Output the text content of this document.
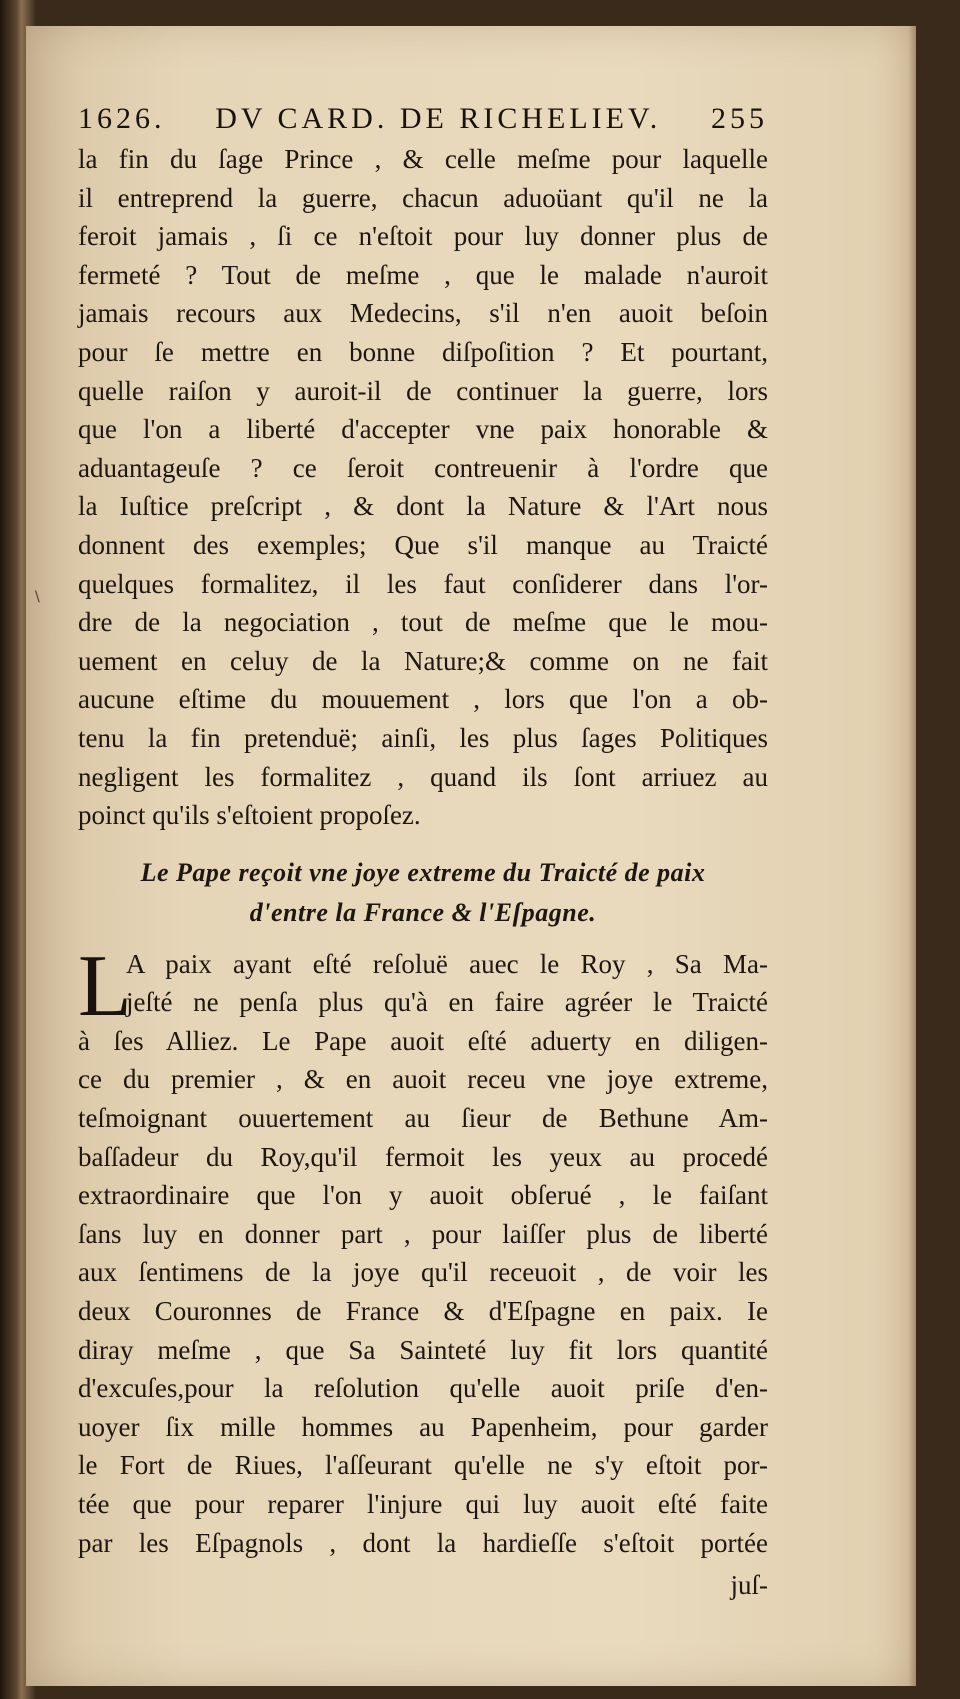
1626. DV CARD. DE RICHELIEV. 255
la fin du ſage Prince , & celle meſme pour laquelle
il entreprend la guerre, chacun aduoüant qu'il ne la
feroit jamais , ſi ce n'eſtoit pour luy donner plus de
fermeté ? Tout de meſme , que le malade n'auroit
jamais recours aux Medecins, s'il n'en auoit beſoin
pour ſe mettre en bonne diſpoſition ? Et pourtant,
quelle raiſon y auroit-il de continuer la guerre, lors
que l'on a liberté d'accepter vne paix honorable &
aduantageuſe ? ce ſeroit contreuenir à l'ordre que
la Iuſtice preſcript , & dont la Nature & l'Art nous
donnent des exemples; Que s'il manque au Traicté
quelques formalitez, il les faut conſiderer dans l'or-
dre de la negociation , tout de meſme que le mou-
uement en celuy de la Nature;& comme on ne fait
aucune eſtime du mouuement , lors que l'on a ob-
tenu la fin pretenduë; ainſi, les plus ſages Politiques
negligent les formalitez , quand ils ſont arriuez au
poinct qu'ils s'eſtoient propoſez.
Le Pape reçoit vne joye extreme du Traicté de paix
d'entre la France & l'Eſpagne.
L
A paix ayant eſté reſoluë auec le Roy , Sa Ma-
jeſté ne penſa plus qu'à en faire agréer le Traicté
à ſes Alliez. Le Pape auoit eſté aduerty en diligen-
ce du premier , & en auoit receu vne joye extreme,
teſmoignant ouuertement au ſieur de Bethune Am-
baſſadeur du Roy,qu'il fermoit les yeux au procedé
extraordinaire que l'on y auoit obſerué , le faiſant
ſans luy en donner part , pour laiſſer plus de liberté
aux ſentimens de la joye qu'il receuoit , de voir les
deux Couronnes de France & d'Eſpagne en paix. Ie
diray meſme , que Sa Sainteté luy fit lors quantité
d'excuſes,pour la reſolution qu'elle auoit priſe d'en-
uoyer ſix mille hommes au Papenheim, pour garder
le Fort de Riues, l'aſſeurant qu'elle ne s'y eſtoit por-
tée que pour reparer l'injure qui luy auoit eſté faite
par les Eſpagnols , dont la hardieſſe s'eſtoit portée
juſ-
\
